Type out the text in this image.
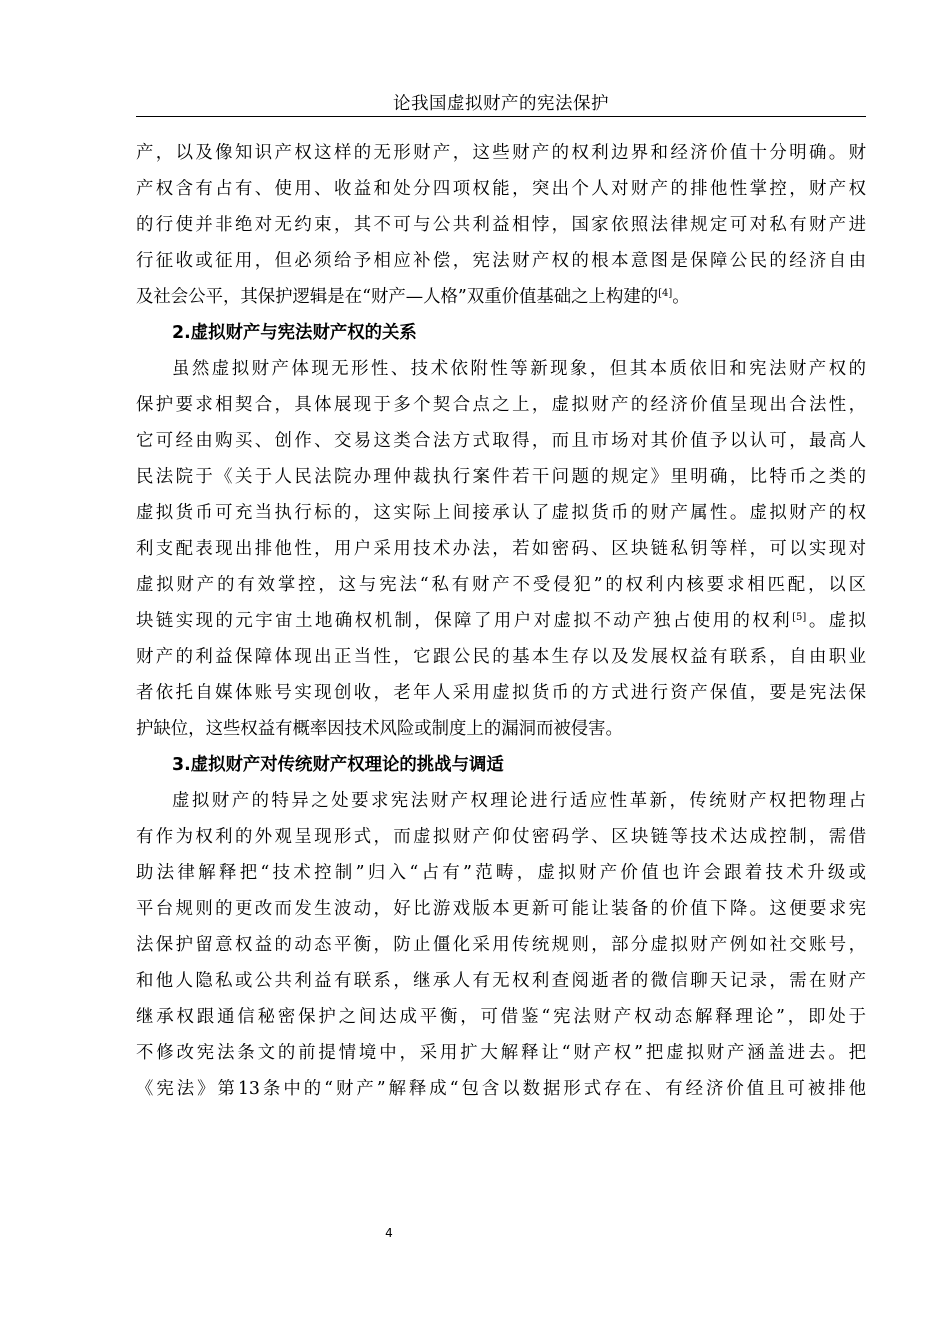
论我国虚拟财产的宪法保护
产，以及像知识产权这样的无形财产，这些财产的权利边界和经济价值十分明确。财
产权含有占有、使用、收益和处分四项权能，突出个人对财产的排他性掌控，财产权
的行使并非绝对无约束，其不可与公共利益相悖，国家依照法律规定可对私有财产进
行征收或征用，但必须给予相应补偿，宪法财产权的根本意图是保障公民的经济自由
及社会公平，其保护逻辑是在“财产—人格”双重价值基础之上构建的[4]。
2.虚拟财产与宪法财产权的关系
虽然虚拟财产体现无形性、技术依附性等新现象，但其本质依旧和宪法财产权的
保护要求相契合，具体展现于多个契合点之上，虚拟财产的经济价值呈现出合法性，
它可经由购买、创作、交易这类合法方式取得，而且市场对其价值予以认可，最高人
民法院于《关于人民法院办理仲裁执行案件若干问题的规定》里明确，比特币之类的
虚拟货币可充当执行标的，这实际上间接承认了虚拟货币的财产属性。虚拟财产的权
利支配表现出排他性，用户采用技术办法，若如密码、区块链私钥等样，可以实现对
虚拟财产的有效掌控，这与宪法“私有财产不受侵犯”的权利内核要求相匹配，以区
块链实现的元宇宙土地确权机制，保障了用户对虚拟不动产独占使用的权利[5]。虚拟
财产的利益保障体现出正当性，它跟公民的基本生存以及发展权益有联系，自由职业
者依托自媒体账号实现创收，老年人采用虚拟货币的方式进行资产保值，要是宪法保
护缺位，这些权益有概率因技术风险或制度上的漏洞而被侵害。
3.虚拟财产对传统财产权理论的挑战与调适
虚拟财产的特异之处要求宪法财产权理论进行适应性革新，传统财产权把物理占
有作为权利的外观呈现形式，而虚拟财产仰仗密码学、区块链等技术达成控制，需借
助法律解释把“技术控制”归入“占有”范畴，虚拟财产价值也许会跟着技术升级或
平台规则的更改而发生波动，好比游戏版本更新可能让装备的价值下降。这便要求宪
法保护留意权益的动态平衡，防止僵化采用传统规则，部分虚拟财产例如社交账号，
和他人隐私或公共利益有联系，继承人有无权利查阅逝者的微信聊天记录，需在财产
继承权跟通信秘密保护之间达成平衡，可借鉴“宪法财产权动态解释理论”，即处于
不修改宪法条文的前提情境中，采用扩大解释让“财产权”把虚拟财产涵盖进去。把
《宪法》第13条中的“财产”解释成“包含以数据形式存在、有经济价值且可被排他
4
